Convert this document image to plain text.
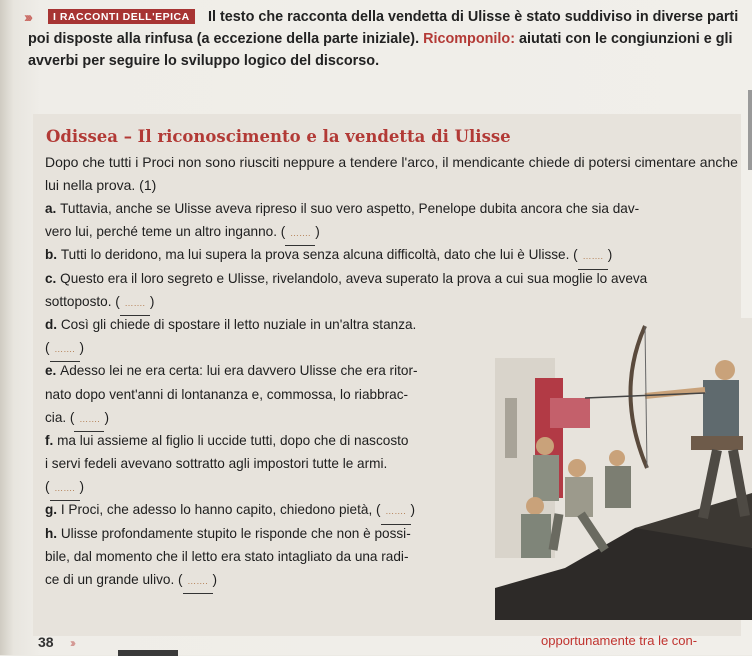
›››	Il testo che racconta della vendetta di Ulisse è stato suddiviso in diverse parti poi disposte alla rinfusa (a eccezione della parte iniziale). Ricomponilo: aiutati con le congiunzioni e gli avverbi per seguire lo sviluppo logico del discorso.
I RACCONTI DELL'EPICA
Odissea – Il riconoscimento e la vendetta di Ulisse
Dopo che tutti i Proci non sono riusciti neppure a tendere l'arco, il mendicante chiede di potersi cimentare anche lui nella prova. (1)
a. Tuttavia, anche se Ulisse aveva ripreso il suo vero aspetto, Penelope dubita ancora che sia dav-
vero lui, perché teme un altro inganno. ( ……. )
b. Tutti lo deridono, ma lui supera la prova senza alcuna difficoltà, dato che lui è Ulisse. ( ……. )
c. Questo era il loro segreto e Ulisse, rivelandolo, aveva superato la prova a cui sua moglie lo aveva
sottoposto. ( ……. )
d. Così gli chiede di spostare il letto nuziale in un'altra stanza.
( ……. )
e. Adesso lei ne era certa: lui era davvero Ulisse che era ritor-
nato dopo vent'anni di lontananza e, commossa, lo riabbrac-
cia. ( ……. )
f. ma lui assieme al figlio li uccide tutti, dopo che di nascosto
i servi fedeli avevano sottratto agli impostori tutte le armi.
( ……. )
g. I Proci, che adesso lo hanno capito, chiedono pietà, ( ……. )
h. Ulisse profondamente stupito le risponde che non è possi-
bile, dal momento che il letto era stato intagliato da una radi-
ce di un grande ulivo. ( ……. )
38 ›››	opportunamente tra le con-
